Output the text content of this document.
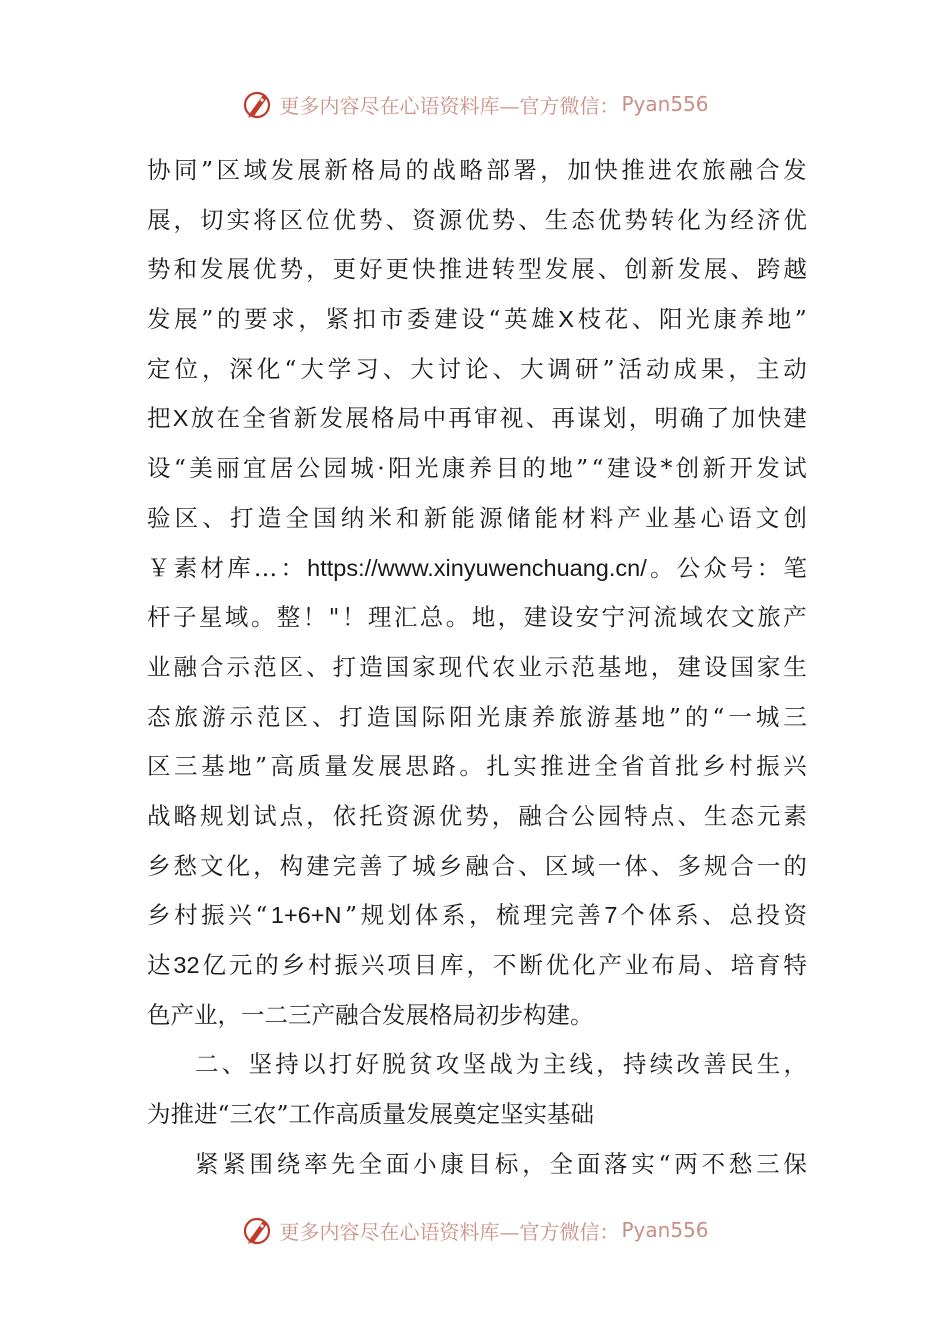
更多内容尽在心语资料库—官方微信： Pyan556
协 同 ” 区 域 发 展 新 格 局 的 战 略 部 署 ， 加 快 推 进 农 旅 融 合 发
展 ， 切 实 将 区 位 优 势 、 资 源 优 势 、 生 态 优 势 转 化 为 经 济 优
势 和 发 展 优 势 ， 更 好 更 快 推 进 转 型 发 展 、 创 新 发 展 、 跨 越
发 展 ” 的 要 求 ， 紧 扣 市 委 建 设 “ 英 雄 X 枝 花 、 阳 光 康 养 地 ”
定 位 ， 深 化 “ 大 学 习 、 大 讨 论 、 大 调 研 ” 活 动 成 果 ， 主 动
把 X 放 在 全 省 新 发 展 格 局 中 再 审 视 、 再 谋 划 ， 明 确 了 加 快 建
设 “ 美 丽 宜 居 公 园 城 · 阳 光 康 养 目 的 地 ” “ 建 设 * 创 新 开 发 试
验 区 、 打 造 全 国 纳 米 和 新 能 源 储 能 材 料 产 业 基 心 语 文 创
￥ 素 材 库 … ： https://www.xinyuwenchuang.cn/ 。 公 众 号 ： 笔
杆 子 星 域 。 整 ！ " ！ 理 汇 总 。 地 ， 建 设 安 宁 河 流 域 农 文 旅 产
业 融 合 示 范 区 、 打 造 国 家 现 代 农 业 示 范 基 地 ， 建 设 国 家 生
态 旅 游 示 范 区 、 打 造 国 际 阳 光 康 养 旅 游 基 地 ” 的 “ 一 城 三
区 三 基 地 ” 高 质 量 发 展 思 路 。 扎 实 推 进 全 省 首 批 乡 村 振 兴
战 略 规 划 试 点 ， 依 托 资 源 优 势 ， 融 合 公 园 特 点 、 生 态 元 素
乡 愁 文 化 ， 构 建 完 善 了 城 乡 融 合 、 区 域 一 体 、 多 规 合 一 的
乡 村 振 兴 “ 1+6+N ” 规 划 体 系 ， 梳 理 完 善 7 个 体 系 、 总 投 资
达 32 亿 元 的 乡 村 振 兴 项 目 库 ， 不 断 优 化 产 业 布 局 、 培 育 特
色 产 业 ， 一 二 三 产 融 合 发 展 格 局 初 步 构 建 。
二 、 坚 持 以 打 好 脱 贫 攻 坚 战 为 主 线 ， 持 续 改 善 民 生 ，
为 推 进 “ 三 农 ” 工 作 高 质 量 发 展 奠 定 坚 实 基 础
紧 紧 围 绕 率 先 全 面 小 康 目 标 ， 全 面 落 实 “ 两 不 愁 三 保
更多内容尽在心语资料库—官方微信： Pyan556
